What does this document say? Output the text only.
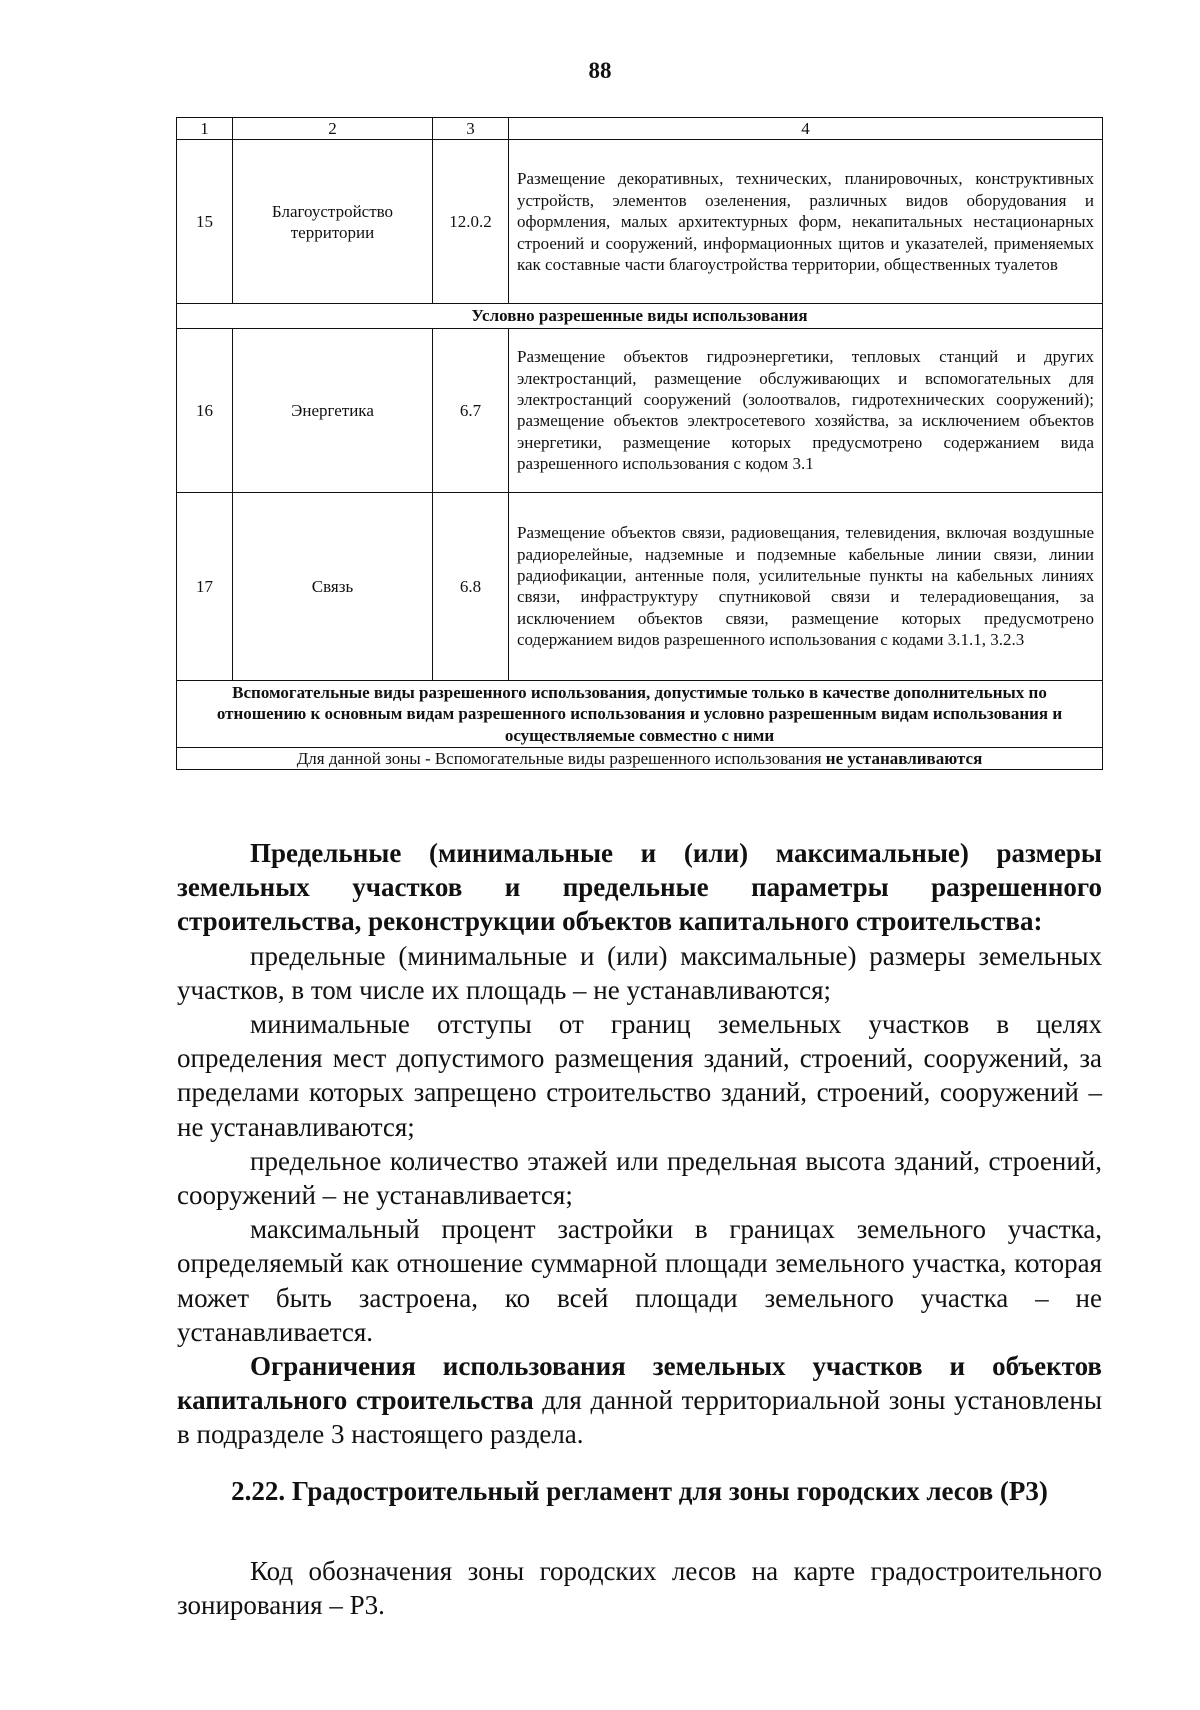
88
1	2	3	4
15	Благоустройство территории	12.0.2	Размещение декоративных, технических, планировочных, конструктивных устройств, элементов озеленения, различных видов оборудования и оформления, малых архитектурных форм, некапитальных нестационарных строений и сооружений, информационных щитов и указателей, применяемых как составные части благоустройства территории, общественных туалетов

Условно разрешенные виды использования			
16	Энергетика	6.7	Размещение объектов гидроэнергетики, тепловых станций и других электростанций, размещение обслуживающих и вспомогательных для электростанций сооружений (золоотвалов, гидротехнических сооружений); размещение объектов электросетевого хозяйства, за исключением объектов энергетики, размещение которых предусмотрено содержанием вида разрешенного использования с кодом 3.1

17	Связь	6.8	Размещение объектов связи, радиовещания, телевидения, включая воздушные радиорелейные, надземные и подземные кабельные линии связи, линии радиофикации, антенные поля, усилительные пункты на кабельных линиях связи, инфраструктуру спутниковой связи и телерадиовещания, за исключением объектов связи, размещение которых предусмотрено содержанием видов разрешенного использования с кодами 3.1.1, 3.2.3

Вспомогательные виды разрешенного использования, допустимые только в качестве дополнительных по отношению к основным видам разрешенного использования и условно разрешенным видам использования и осуществляемые совместно с ними			
Для данной зоны - Вспомогательные виды разрешенного использования не устанавливаются			

Предельные (минимальные и (или) максимальные) размеры земельных участков и предельные параметры разрешенного строительства, реконструкции объектов капитального строительства:

предельные (минимальные и (или) максимальные) размеры земельных участков, в том числе их площадь – не устанавливаются;

минимальные отступы от границ земельных участков в целях определения мест допустимого размещения зданий, строений, сооружений, за пределами которых запрещено строительство зданий, строений, сооружений – не устанавливаются;

предельное количество этажей или предельная высота зданий, строений, сооружений – не устанавливается;

максимальный процент застройки в границах земельного участка, определяемый как отношение суммарной площади земельного участка, которая может быть застроена, ко всей площади земельного участка – не устанавливается.

Ограничения использования земельных участков и объектов капитального строительства для данной территориальной зоны установлены в подразделе 3 настоящего раздела.

2.22. Градостроительный регламент для зоны городских лесов (Р3)

Код обозначения зоны городских лесов на карте градостроительного зонирования – Р3.
